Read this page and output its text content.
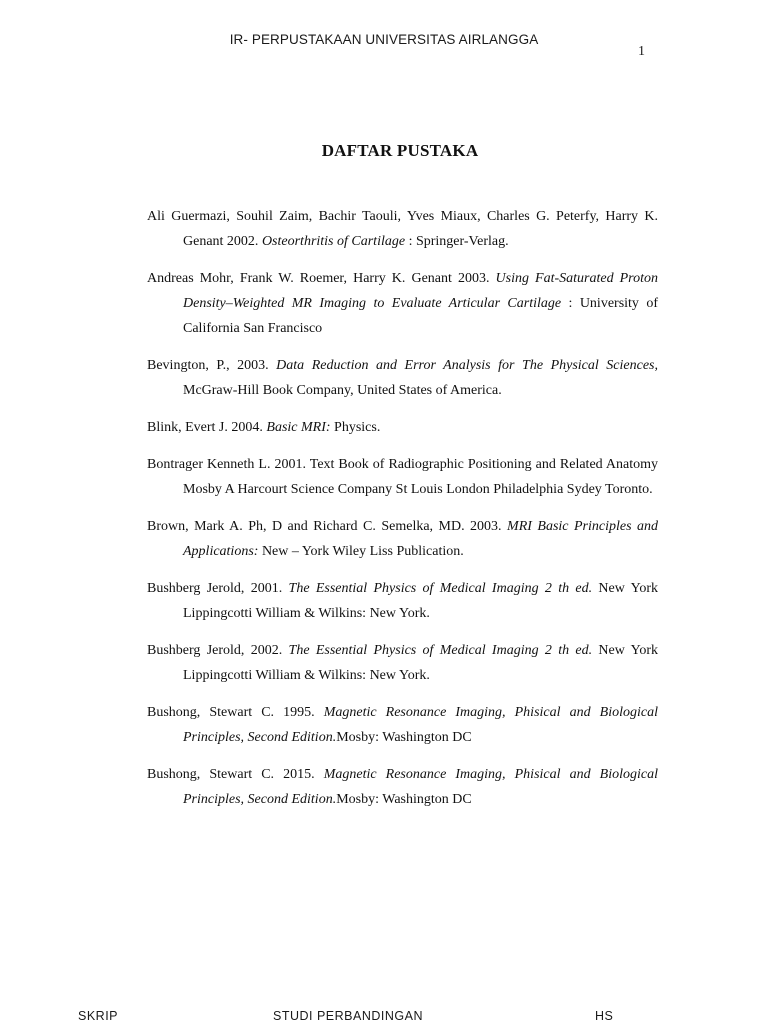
IR- PERPUSTAKAAN UNIVERSITAS AIRLANGGA
1
DAFTAR PUSTAKA

Ali Guermazi, Souhil Zaim, Bachir Taouli, Yves Miaux, Charles G. Peterfy, Harry K. Genant 2002. Osteorthritis of Cartilage : Springer-Verlag.

Andreas Mohr, Frank W. Roemer, Harry K. Genant 2003. Using Fat-Saturated Proton Density–Weighted MR Imaging to Evaluate Articular Cartilage : University of California San Francisco

Bevington, P., 2003. Data Reduction and Error Analysis for The Physical Sciences, McGraw-Hill Book Company, United States of America.

Blink, Evert J. 2004. Basic MRI: Physics.

Bontrager Kenneth L. 2001. Text Book of Radiographic Positioning and Related Anatomy Mosby A Harcourt Science Company St Louis London Philadelphia Sydey Toronto.

Brown, Mark A. Ph, D and Richard C. Semelka, MD. 2003. MRI Basic Principles and Applications: New – York Wiley Liss Publication.

Bushberg Jerold, 2001. The Essential Physics of Medical Imaging 2 th ed. New York Lippingcotti William & Wilkins: New York.

Bushberg Jerold, 2002. The Essential Physics of Medical Imaging 2 th ed. New York Lippingcotti William & Wilkins: New York.

Bushong, Stewart C. 1995. Magnetic Resonance Imaging, Phisical and Biological Principles, Second Edition.Mosby: Washington DC

Bushong, Stewart C. 2015. Magnetic Resonance Imaging, Phisical and Biological Principles, Second Edition.Mosby: Washington DC

SKRIP	STUDI PERBANDINGAN	HS
